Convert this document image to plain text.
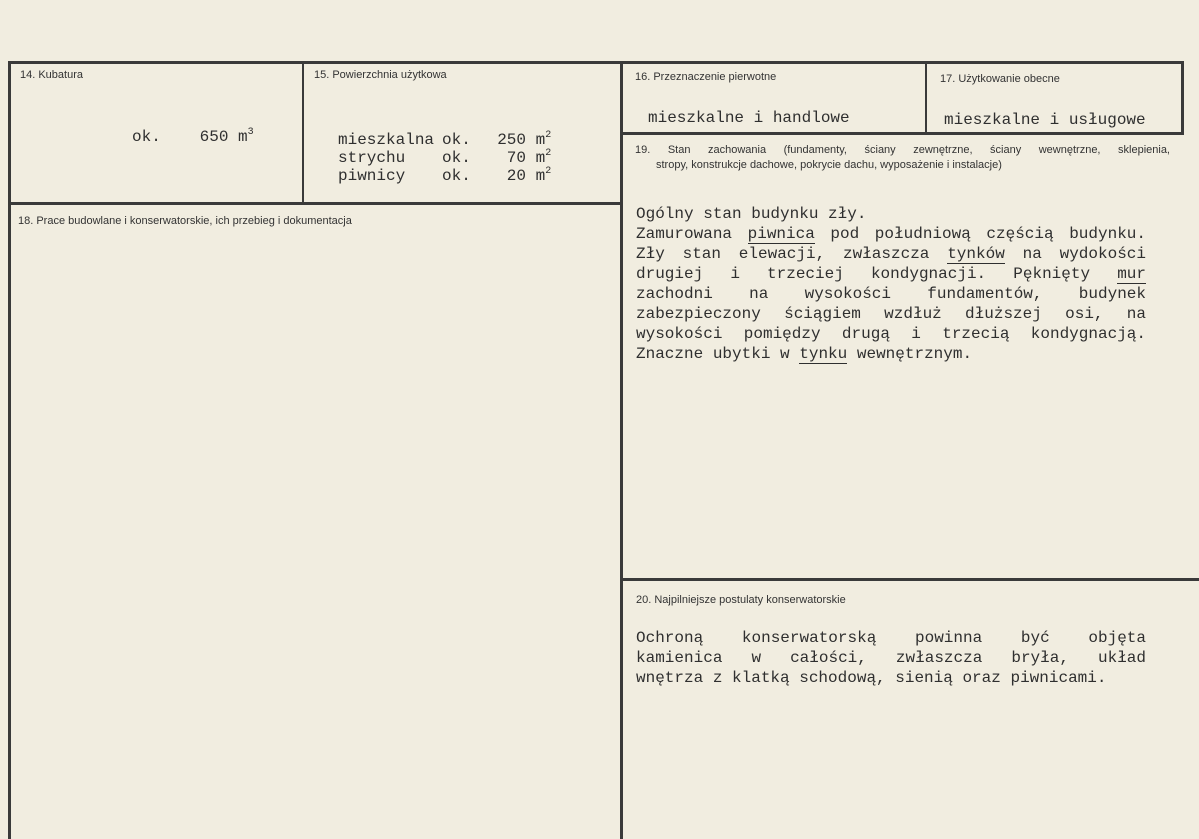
14. Kubatura
ok. 650 $m^3$
15. Powierzchnia użytkowa
mieszkalna ok. 250 $m^2$
strychu ok. 70 $m^2$
piwnicy ok. 20 $m^2$
16. Przeznaczenie pierwotne
mieszkalne i handlowe
17. Użytkowanie obecne
mieszkalne i usługowe
18. Prace budowlane i konserwatorskie, ich przebieg i dokumentacja
19. Stan zachowania (fundamenty, ściany zewnętrzne, ściany wewnętrzne, sklepienia,
stropy, konstrukcje dachowe, pokrycie dachu, wyposażenie i instalacje)
Ogólny stan budynku zły.
Zamurowana piwnica pod południową częścią budynku.
Zły stan elewacji, zwłaszcza tynków na wydokości
drugiej i trzeciej kondygnacji. Pęknięty mur
zachodni na wysokości fundamentów, budynek
zabezpieczony ściągiem wzdłuż dłuższej osi, na
wysokości pomiędzy drugą i trzecią kondygnacją.
Znaczne ubytki w tynku wewnętrznym.
20. Najpilniejsze postulaty konserwatorskie
Ochroną konserwatorską powinna być objęta
kamienica w całości, zwłaszcza bryła, układ
wnętrza z klatką schodową, sienią oraz piwnicami.
